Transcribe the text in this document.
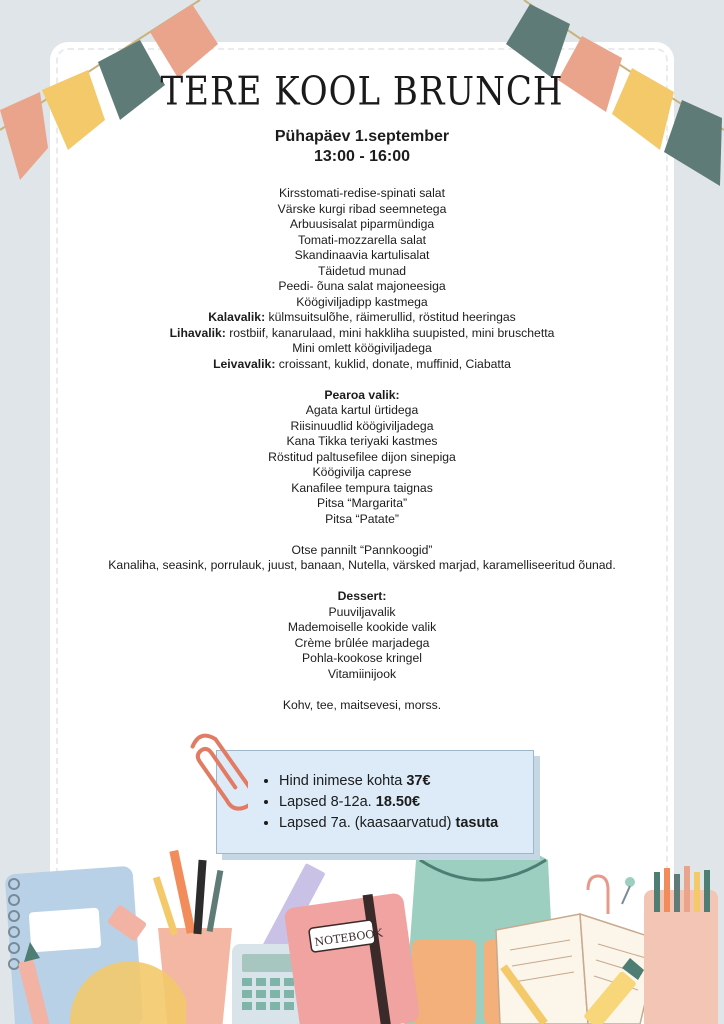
TERE KOOL BRUNCH
Pühapäev 1.september
13:00 - 16:00
Kirsstomati-redise-spinati salat
Värske kurgi ribad seemnetega
Arbuusisalat piparmündiga
Tomati-mozzarella salat
Skandinaavia kartulisalat
Täidetud munad
Peedi- õuna salat majoneesiga
Köögiviljadipp kastmega
Kalavalik: külmsuitsulõhe, räimerullid, röstitud heeringas
Lihavalik: rostbiif, kanarulaad, mini hakkliha suupisted, mini bruschetta
Mini omlett köögiviljadega
Leivavalik: croissant, kuklid, donate, muffinid, Ciabatta
Pearoa valik:
Agata kartul ürtidega
Riisinuudlid köögiviljadega
Kana Tikka teriyaki kastmes
Röstitud paltusefilee dijon sinepiga
Köögivilja caprese
Kanafilee tempura taignas
Pitsa “Margarita”
Pitsa “Patate”
Otse pannilt “Pannkoogid”
Kanaliha, seasink, porrulauk, juust, banaan, Nutella, värsked marjad, karamelliseeritud õunad.
Dessert:
Puuviljavalik
Mademoiselle kookide valik
Crème brûlée marjadega
Pohla-kookose kringel
Vitamiinijook
Kohv, tee, maitsevesi, morss.
NOTEBOOK
• Hind inimese kohta 37€
• Lapsed 8-12a. 18.50€
• Lapsed 7a. (kaasaarvatud) tasuta
